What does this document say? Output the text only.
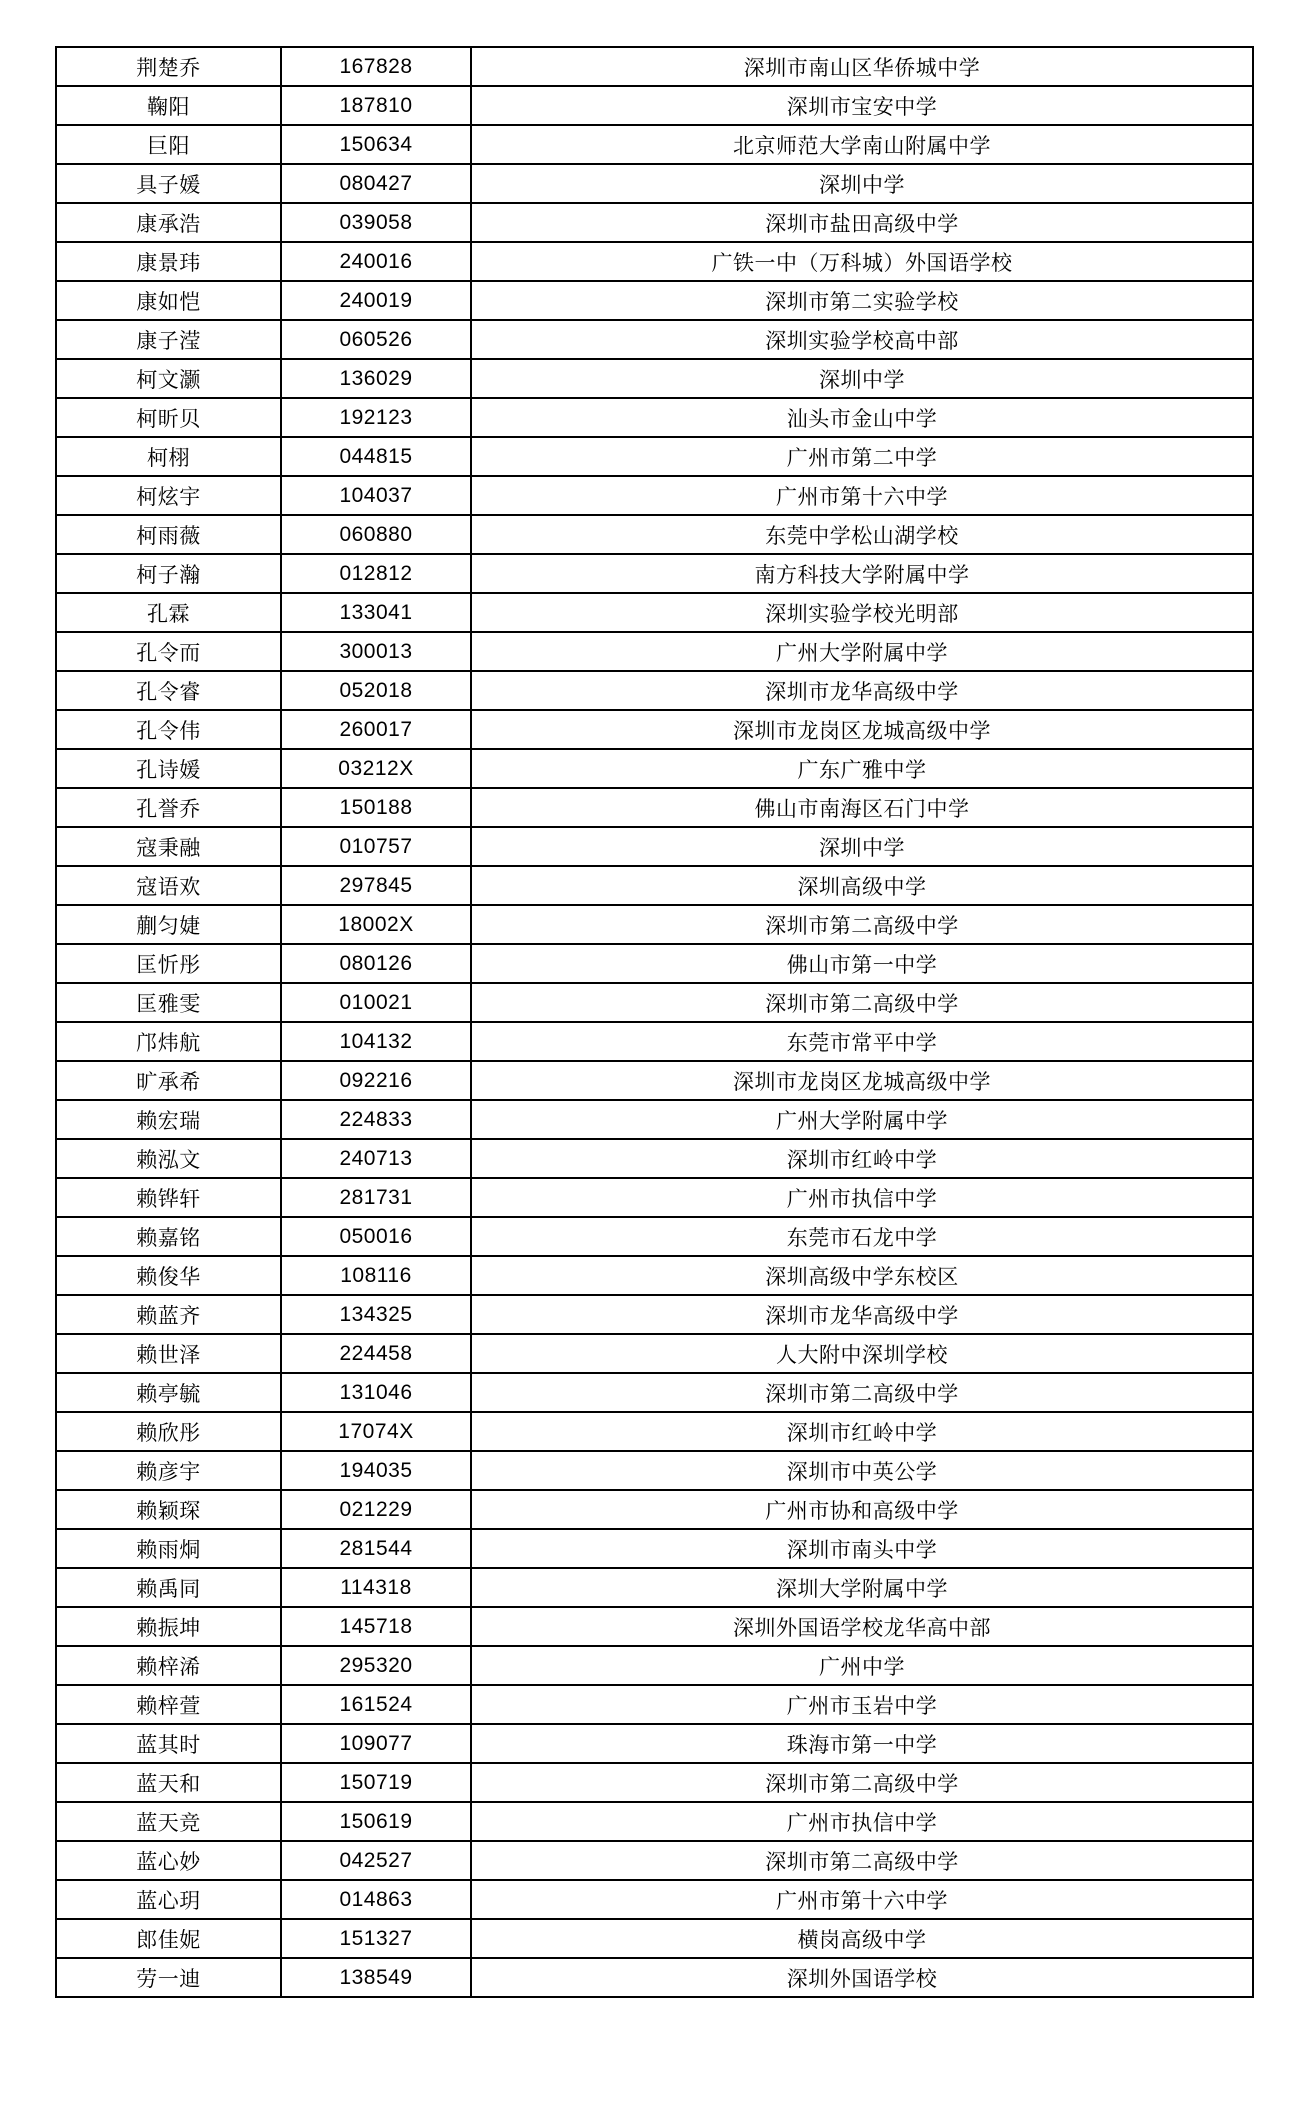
荆楚乔	167828	深圳市南山区华侨城中学
鞠阳	187810	深圳市宝安中学
巨阳	150634	北京师范大学南山附属中学
具子媛	080427	深圳中学
康承浩	039058	深圳市盐田高级中学
康景玮	240016	广铁一中（万科城）外国语学校
康如恺	240019	深圳市第二实验学校
康子滢	060526	深圳实验学校高中部
柯文灏	136029	深圳中学
柯昕贝	192123	汕头市金山中学
柯栩	044815	广州市第二中学
柯炫宇	104037	广州市第十六中学
柯雨薇	060880	东莞中学松山湖学校
柯子瀚	012812	南方科技大学附属中学
孔霖	133041	深圳实验学校光明部
孔令而	300013	广州大学附属中学
孔令睿	052018	深圳市龙华高级中学
孔令伟	260017	深圳市龙岗区龙城高级中学
孔诗媛	03212X	广东广雅中学
孔誉乔	150188	佛山市南海区石门中学
寇秉融	010757	深圳中学
寇语欢	297845	深圳高级中学
蒯匀婕	18002X	深圳市第二高级中学
匡忻彤	080126	佛山市第一中学
匡雅雯	010021	深圳市第二高级中学
邝炜航	104132	东莞市常平中学
旷承希	092216	深圳市龙岗区龙城高级中学
赖宏瑞	224833	广州大学附属中学
赖泓文	240713	深圳市红岭中学
赖铧轩	281731	广州市执信中学
赖嘉铭	050016	东莞市石龙中学
赖俊华	108116	深圳高级中学东校区
赖蓝齐	134325	深圳市龙华高级中学
赖世泽	224458	人大附中深圳学校
赖亭毓	131046	深圳市第二高级中学
赖欣彤	17074X	深圳市红岭中学
赖彦宇	194035	深圳市中英公学
赖颖琛	021229	广州市协和高级中学
赖雨烔	281544	深圳市南头中学
赖禹同	114318	深圳大学附属中学
赖振坤	145718	深圳外国语学校龙华高中部
赖梓浠	295320	广州中学
赖梓萱	161524	广州市玉岩中学
蓝其时	109077	珠海市第一中学
蓝天和	150719	深圳市第二高级中学
蓝天竞	150619	广州市执信中学
蓝心妙	042527	深圳市第二高级中学
蓝心玥	014863	广州市第十六中学
郎佳妮	151327	横岗高级中学
劳一迪	138549	深圳外国语学校
